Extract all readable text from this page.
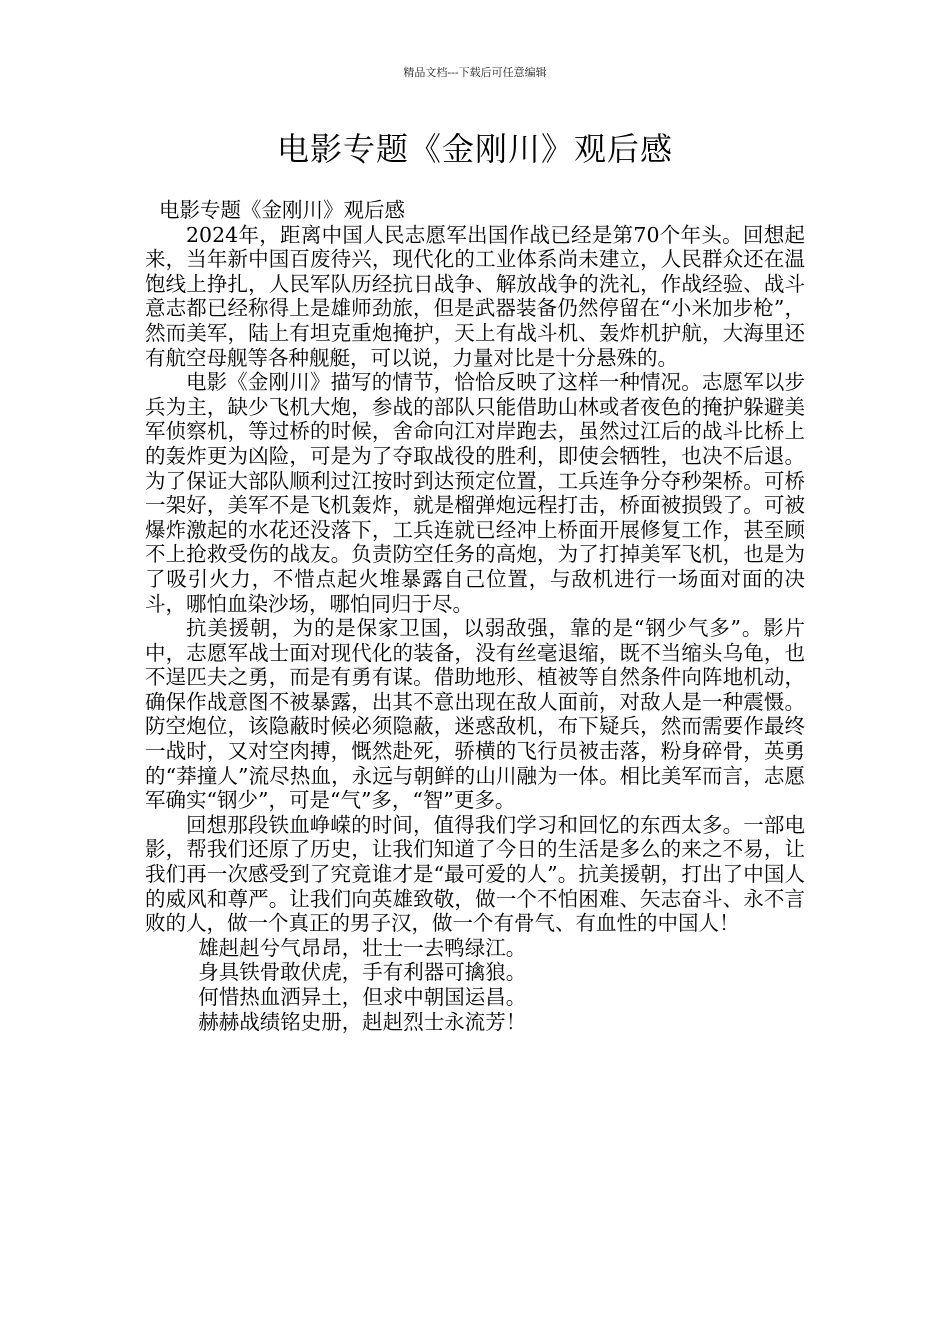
精品文档---下载后可任意编辑
电影专题《金刚川》观后感

电影专题《金刚川》观后感

2024年，距离中国人民志愿军出国作战已经是第70个年头。回想起来，当年新中国百废待兴，现代化的工业体系尚未建立，人民群众还在温饱线上挣扎，人民军队历经抗日战争、解放战争的洗礼，作战经验、战斗意志都已经称得上是雄师劲旅，但是武器装备仍然停留在“小米加步枪”，然而美军，陆上有坦克重炮掩护，天上有战斗机、轰炸机护航，大海里还有航空母舰等各种舰艇，可以说，力量对比是十分悬殊的。

电影《金刚川》描写的情节，恰恰反映了这样一种情况。志愿军以步兵为主，缺少飞机大炮，参战的部队只能借助山林或者夜色的掩护躲避美军侦察机，等过桥的时候，舍命向江对岸跑去，虽然过江后的战斗比桥上的轰炸更为凶险，可是为了夺取战役的胜利，即使会牺牲，也决不后退。为了保证大部队顺利过江按时到达预定位置，工兵连争分夺秒架桥。可桥一架好，美军不是飞机轰炸，就是榴弹炮远程打击，桥面被损毁了。可被爆炸激起的水花还没落下，工兵连就已经冲上桥面开展修复工作，甚至顾不上抢救受伤的战友。负责防空任务的高炮，为了打掉美军飞机，也是为了吸引火力，不惜点起火堆暴露自己位置，与敌机进行一场面对面的决斗，哪怕血染沙场，哪怕同归于尽。

抗美援朝，为的是保家卫国，以弱敌强，靠的是“钢少气多”。影片中，志愿军战士面对现代化的装备，没有丝毫退缩，既不当缩头乌龟，也不逞匹夫之勇，而是有勇有谋。借助地形、植被等自然条件向阵地机动，确保作战意图不被暴露，出其不意出现在敌人面前，对敌人是一种震慑。防空炮位，该隐蔽时候必须隐蔽，迷惑敌机，布下疑兵，然而需要作最终一战时，又对空肉搏，慨然赴死，骄横的飞行员被击落，粉身碎骨，英勇的“莽撞人”流尽热血，永远与朝鲜的山川融为一体。相比美军而言，志愿军确实“钢少”，可是“气”多，“智”更多。

回想那段铁血峥嵘的时间，值得我们学习和回忆的东西太多。一部电影，帮我们还原了历史，让我们知道了今日的生活是多么的来之不易，让我们再一次感受到了究竟谁才是“最可爱的人”。抗美援朝，打出了中国人的威风和尊严。让我们向英雄致敬，做一个不怕困难、矢志奋斗、永不言败的人，做一个真正的男子汉，做一个有骨气、有血性的中国人！

雄赳赳兮气昂昂，壮士一去鸭绿江。

身具铁骨敢伏虎，手有利器可擒狼。

何惜热血洒异土，但求中朝国运昌。

赫赫战绩铭史册，赳赳烈士永流芳！
